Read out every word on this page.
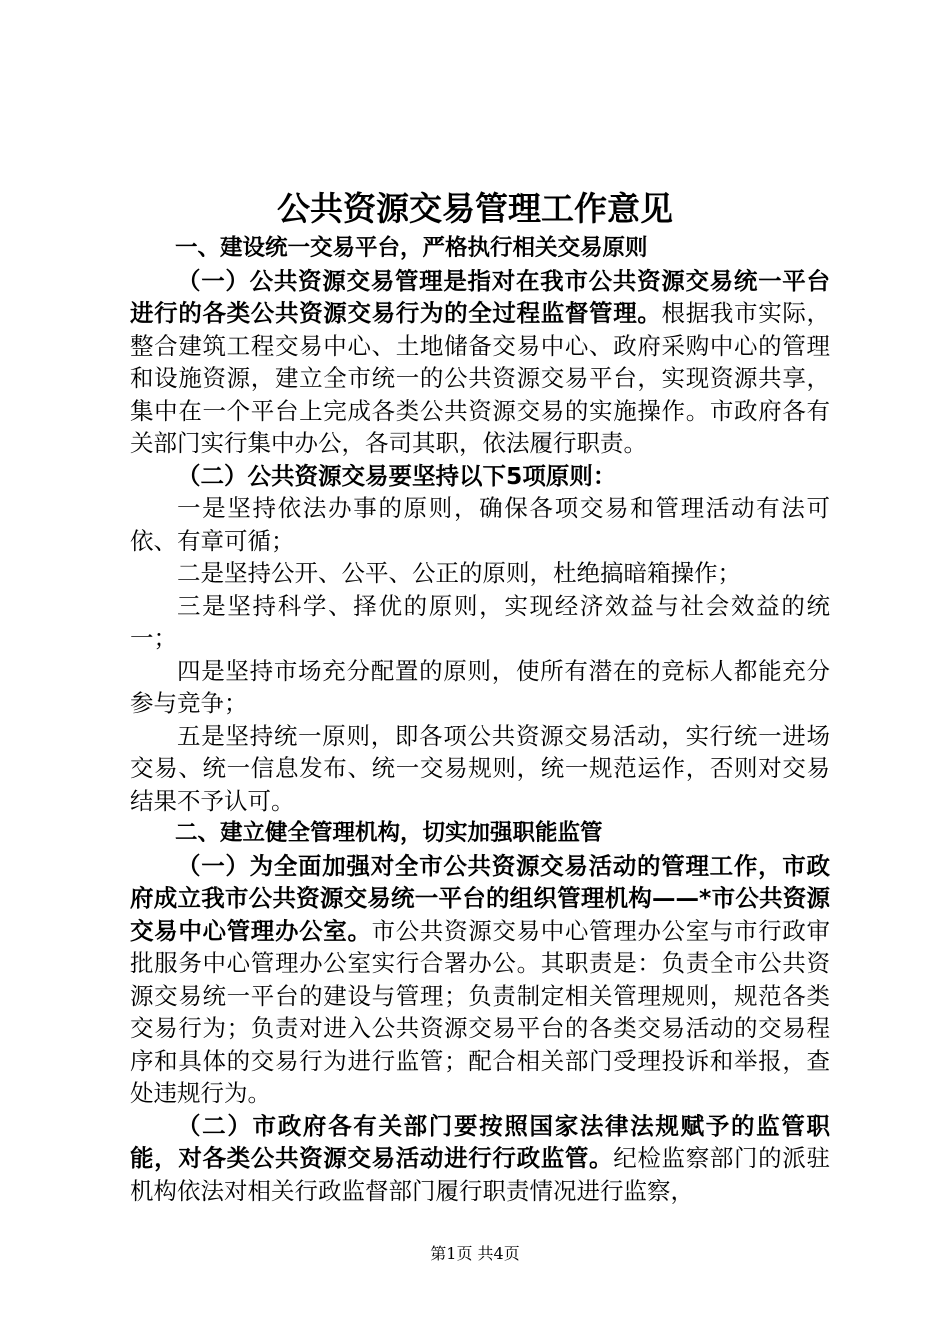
公共资源交易管理工作意见

一、建设统一交易平台，严格执行相关交易原则

（一）公共资源交易管理是指对在我市公共资源交易统一平台进行的各类公共资源交易行为的全过程监督管理。根据我市实际，整合建筑工程交易中心、土地储备交易中心、政府采购中心的管理和设施资源，建立全市统一的公共资源交易平台，实现资源共享，集中在一个平台上完成各类公共资源交易的实施操作。市政府各有关部门实行集中办公，各司其职，依法履行职责。

（二）公共资源交易要坚持以下5项原则：

一是坚持依法办事的原则，确保各项交易和管理活动有法可依、有章可循；

二是坚持公开、公平、公正的原则，杜绝搞暗箱操作；

三是坚持科学、择优的原则，实现经济效益与社会效益的统一；

四是坚持市场充分配置的原则，使所有潜在的竞标人都能充分参与竞争；

五是坚持统一原则，即各项公共资源交易活动，实行统一进场交易、统一信息发布、统一交易规则，统一规范运作，否则对交易结果不予认可。

二、建立健全管理机构，切实加强职能监管

（一）为全面加强对全市公共资源交易活动的管理工作，市政府成立我市公共资源交易统一平台的组织管理机构——*市公共资源交易中心管理办公室。市公共资源交易中心管理办公室与市行政审批服务中心管理办公室实行合署办公。其职责是：负责全市公共资源交易统一平台的建设与管理；负责制定相关管理规则，规范各类交易行为；负责对进入公共资源交易平台的各类交易活动的交易程序和具体的交易行为进行监管；配合相关部门受理投诉和举报，查处违规行为。

（二）市政府各有关部门要按照国家法律法规赋予的监管职能，对各类公共资源交易活动进行行政监管。纪检监察部门的派驻机构依法对相关行政监督部门履行职责情况进行监察，

第1页 共4页
